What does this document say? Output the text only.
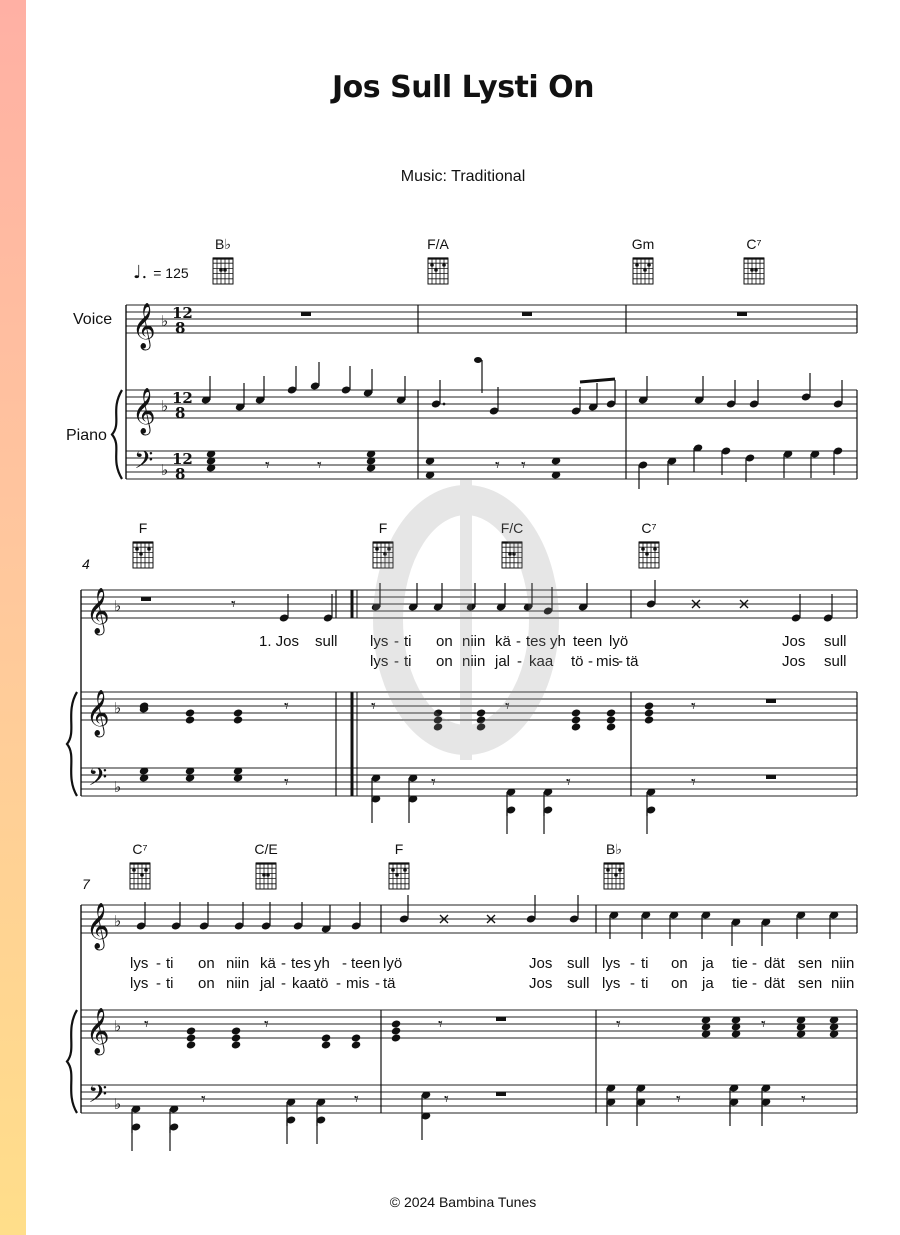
Jos Sull Lysti On
Music: Traditional
♩. = 125
Voice
Piano
4
7
B♭	F/A	Gm	C⁷
F	F	F/C	C⁷
C⁷	C/E	F	B♭
𝄞
𝄞
𝄢
♭
♭
♭
12
8
12
8
12
8	𝄾	𝄾	𝄾 𝄾
𝄞
𝄞
𝄢
♭
♭
♭
𝄾
𝄾	𝄾	𝄾	𝄾
𝄾	𝄾	𝄾	𝄾
𝄞
𝄞
𝄢
♭
♭
♭
𝄾	𝄾	𝄾	𝄾	𝄾
𝄾	𝄾	𝄾	𝄾	𝄾
1. Jos sull lys - ti on niin kä - tes yh teen lyö	Jos sull
lys - ti on niin jal - kaa tö - mis
- tä	Jos sull
lys - ti on niin kä - tes yh - teen lyö	Jos sull lys - ti on ja tie - dät sen niin
lys - ti on niin jal - kaa tö - mis - tä	Jos sull lys - ti on ja tie - dät sen niin
© 2024 Bambina Tunes
